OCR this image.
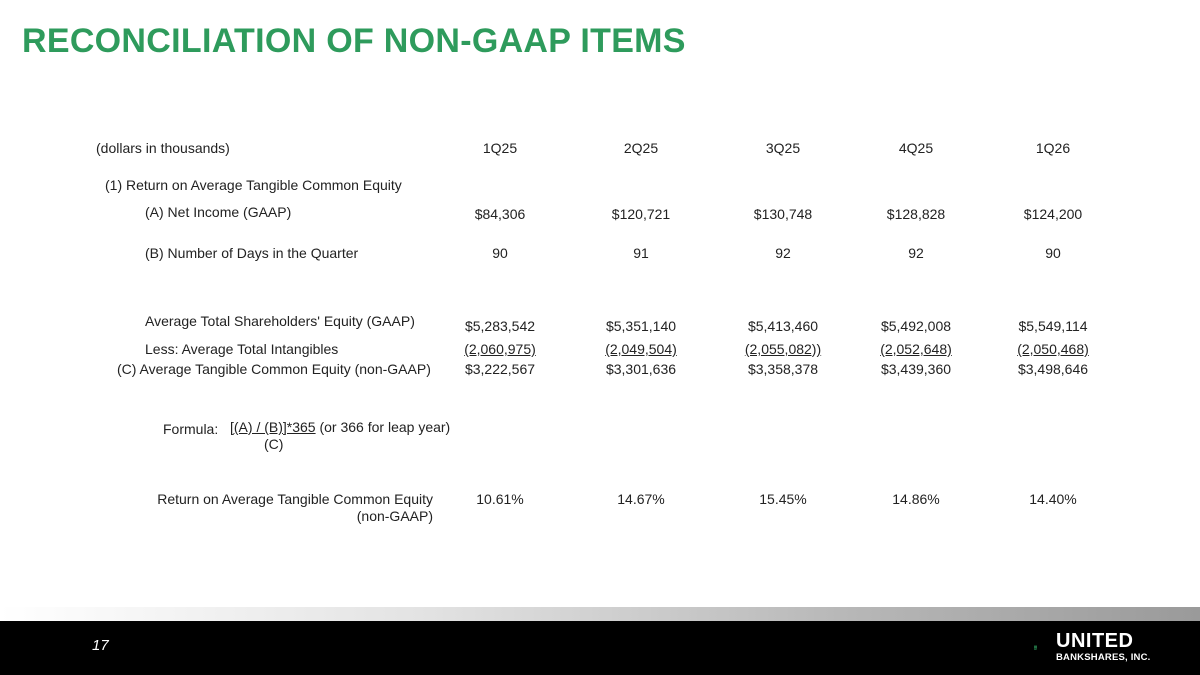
RECONCILIATION OF NON-GAAP ITEMS
(dollars in thousands)	1Q25	2Q25	3Q25	4Q25	1Q26
(1) Return on Average Tangible Common Equity
(A) Net Income (GAAP)	$84,306	$120,721	$130,748	$128,828	$124,200
(B) Number of Days in the Quarter	90	91	92	92	90
Average Total Shareholders' Equity (GAAP)	$5,283,542	$5,351,140	$5,413,460	$5,492,008	$5,549,114
Less: Average Total Intangibles	(2,060,975)	(2,049,504)	(2,055,082))	(2,052,648)	(2,050,468)
(C) Average Tangible Common Equity (non-GAAP)	$3,222,567	$3,301,636	$3,358,378	$3,439,360	$3,498,646
Formula: [(A) / (B)]*365 (or 366 for leap year)
(C)
Return on Average Tangible Common Equity
(non-GAAP)
10.61%	14.67%	15.45%	14.86%	14.40%
17	UNITED
BANKSHARES, INC.
